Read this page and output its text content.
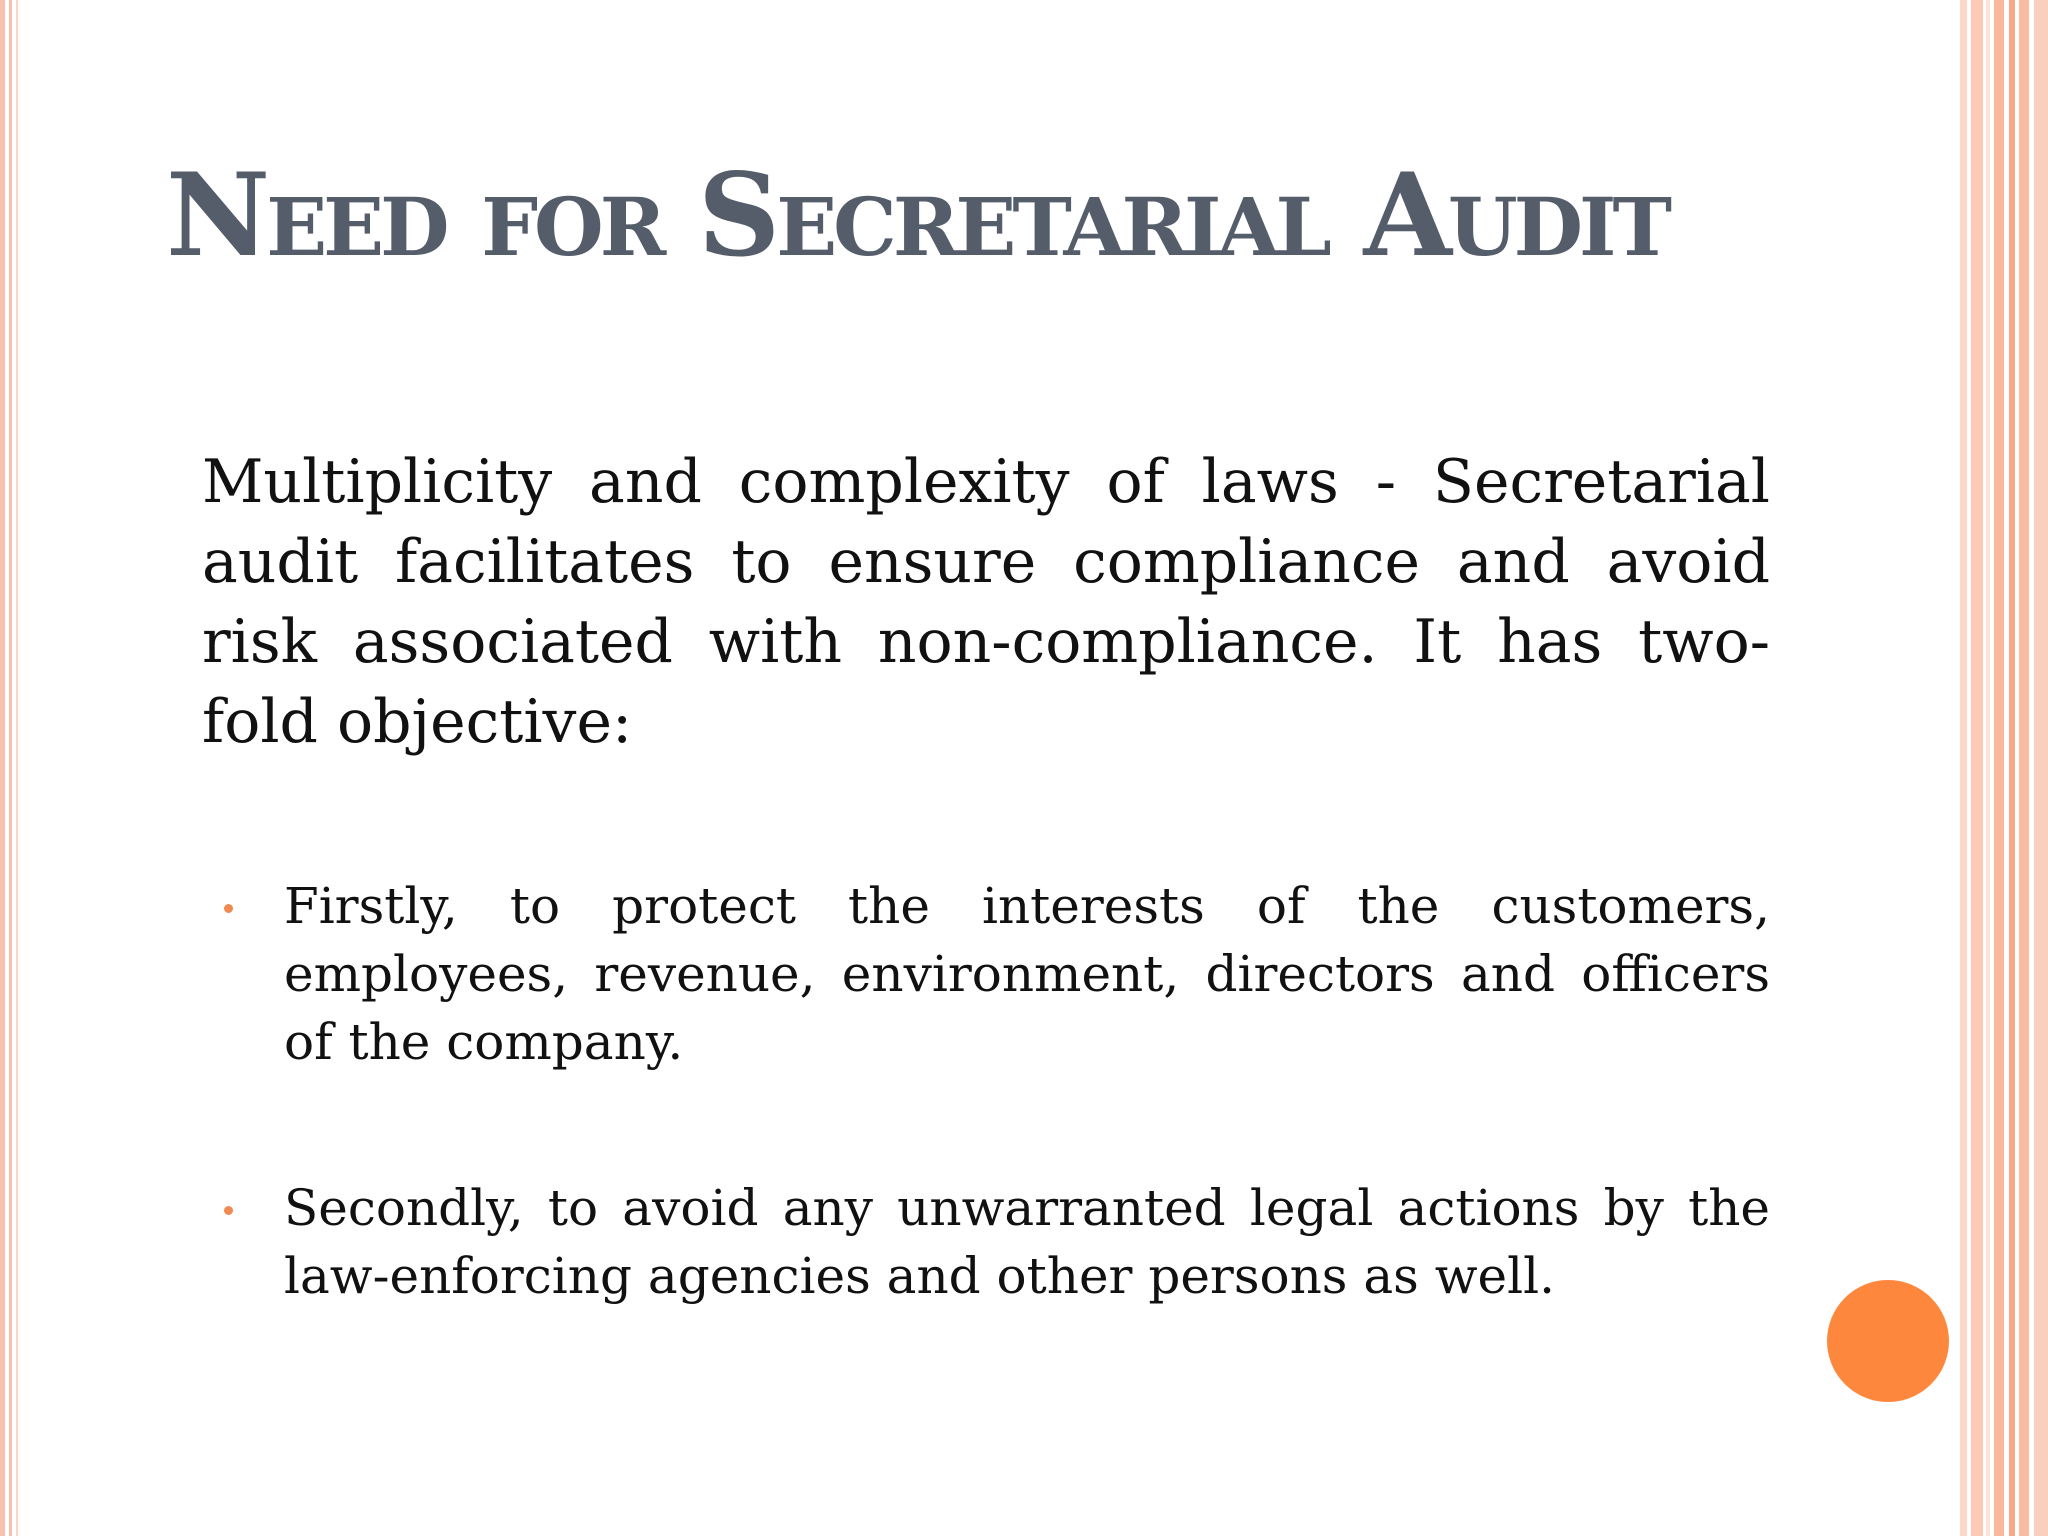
Need for Secretarial Audit

Multiplicity and complexity of laws - Secretarial audit facilitates to ensure compliance and avoid risk associated with non-compliance. It has two-fold objective:

Firstly, to protect the interests of the customers, employees, revenue, environment, directors and officers of the company.
Secondly, to avoid any unwarranted legal actions by the law-enforcing agencies and other persons as well.
